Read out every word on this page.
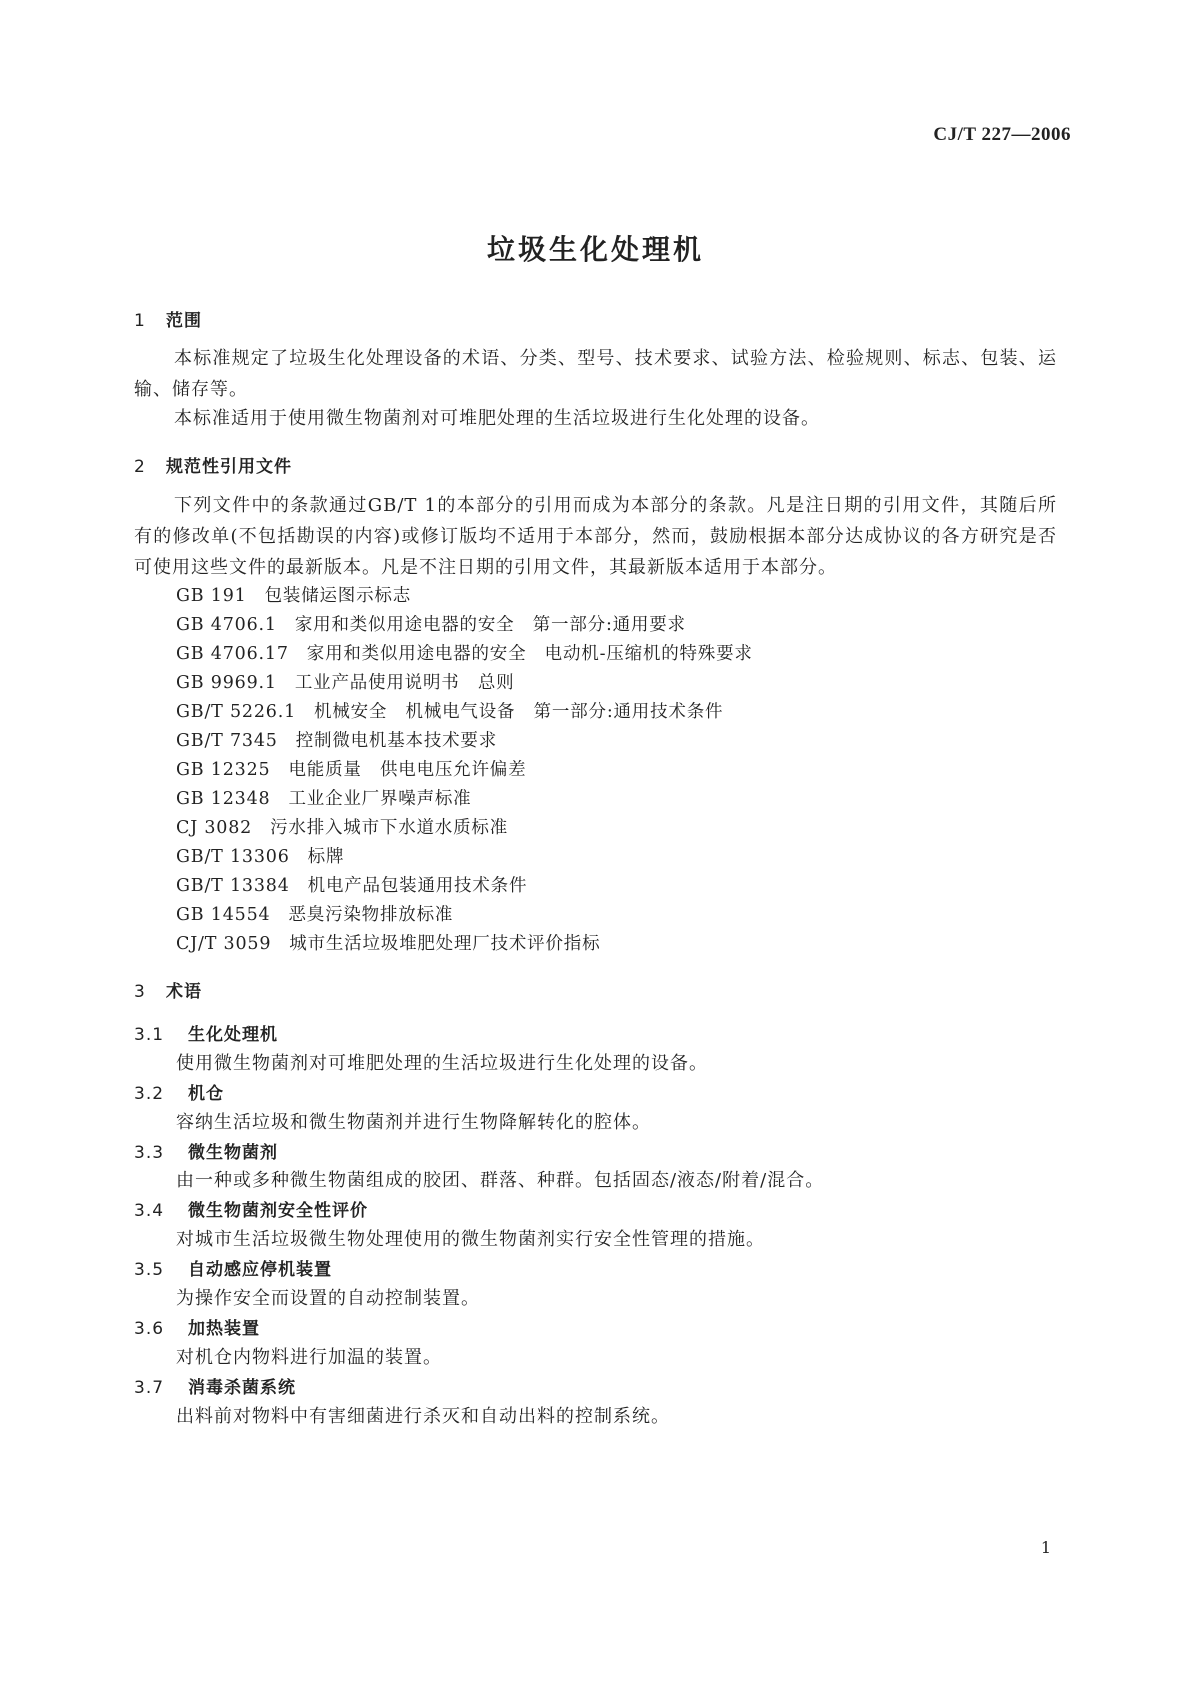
CJ/T 227—2006
垃圾生化处理机
1 范围
本标准规定了垃圾生化处理设备的术语、分类、型号、技术要求、试验方法、检验规则、标志、包装、运输、储存等。
本标准适用于使用微生物菌剂对可堆肥处理的生活垃圾进行生化处理的设备。
2 规范性引用文件
下列文件中的条款通过GB/T 1的本部分的引用而成为本部分的条款。凡是注日期的引用文件，其随后所有的修改单(不包括勘误的内容)或修订版均不适用于本部分，然而，鼓励根据本部分达成协议的各方研究是否可使用这些文件的最新版本。凡是不注日期的引用文件，其最新版本适用于本部分。
GB 191 包装储运图示标志
GB 4706.1 家用和类似用途电器的安全　第一部分:通用要求
GB 4706.17 家用和类似用途电器的安全　电动机-压缩机的特殊要求
GB 9969.1 工业产品使用说明书　总则
GB/T 5226.1 机械安全　机械电气设备　第一部分:通用技术条件
GB/T 7345 控制微电机基本技术要求
GB 12325 电能质量　供电电压允许偏差
GB 12348 工业企业厂界噪声标准
CJ 3082 污水排入城市下水道水质标准
GB/T 13306 标牌
GB/T 13384 机电产品包装通用技术条件
GB 14554 恶臭污染物排放标准
CJ/T 3059 城市生活垃圾堆肥处理厂技术评价指标
3 术语
3.1 生化处理机
使用微生物菌剂对可堆肥处理的生活垃圾进行生化处理的设备。
3.2 机仓
容纳生活垃圾和微生物菌剂并进行生物降解转化的腔体。
3.3 微生物菌剂
由一种或多种微生物菌组成的胶团、群落、种群。包括固态/液态/附着/混合。
3.4 微生物菌剂安全性评价
对城市生活垃圾微生物处理使用的微生物菌剂实行安全性管理的措施。
3.5 自动感应停机装置
为操作安全而设置的自动控制装置。
3.6 加热装置
对机仓内物料进行加温的装置。
3.7 消毒杀菌系统
出料前对物料中有害细菌进行杀灭和自动出料的控制系统。
1
